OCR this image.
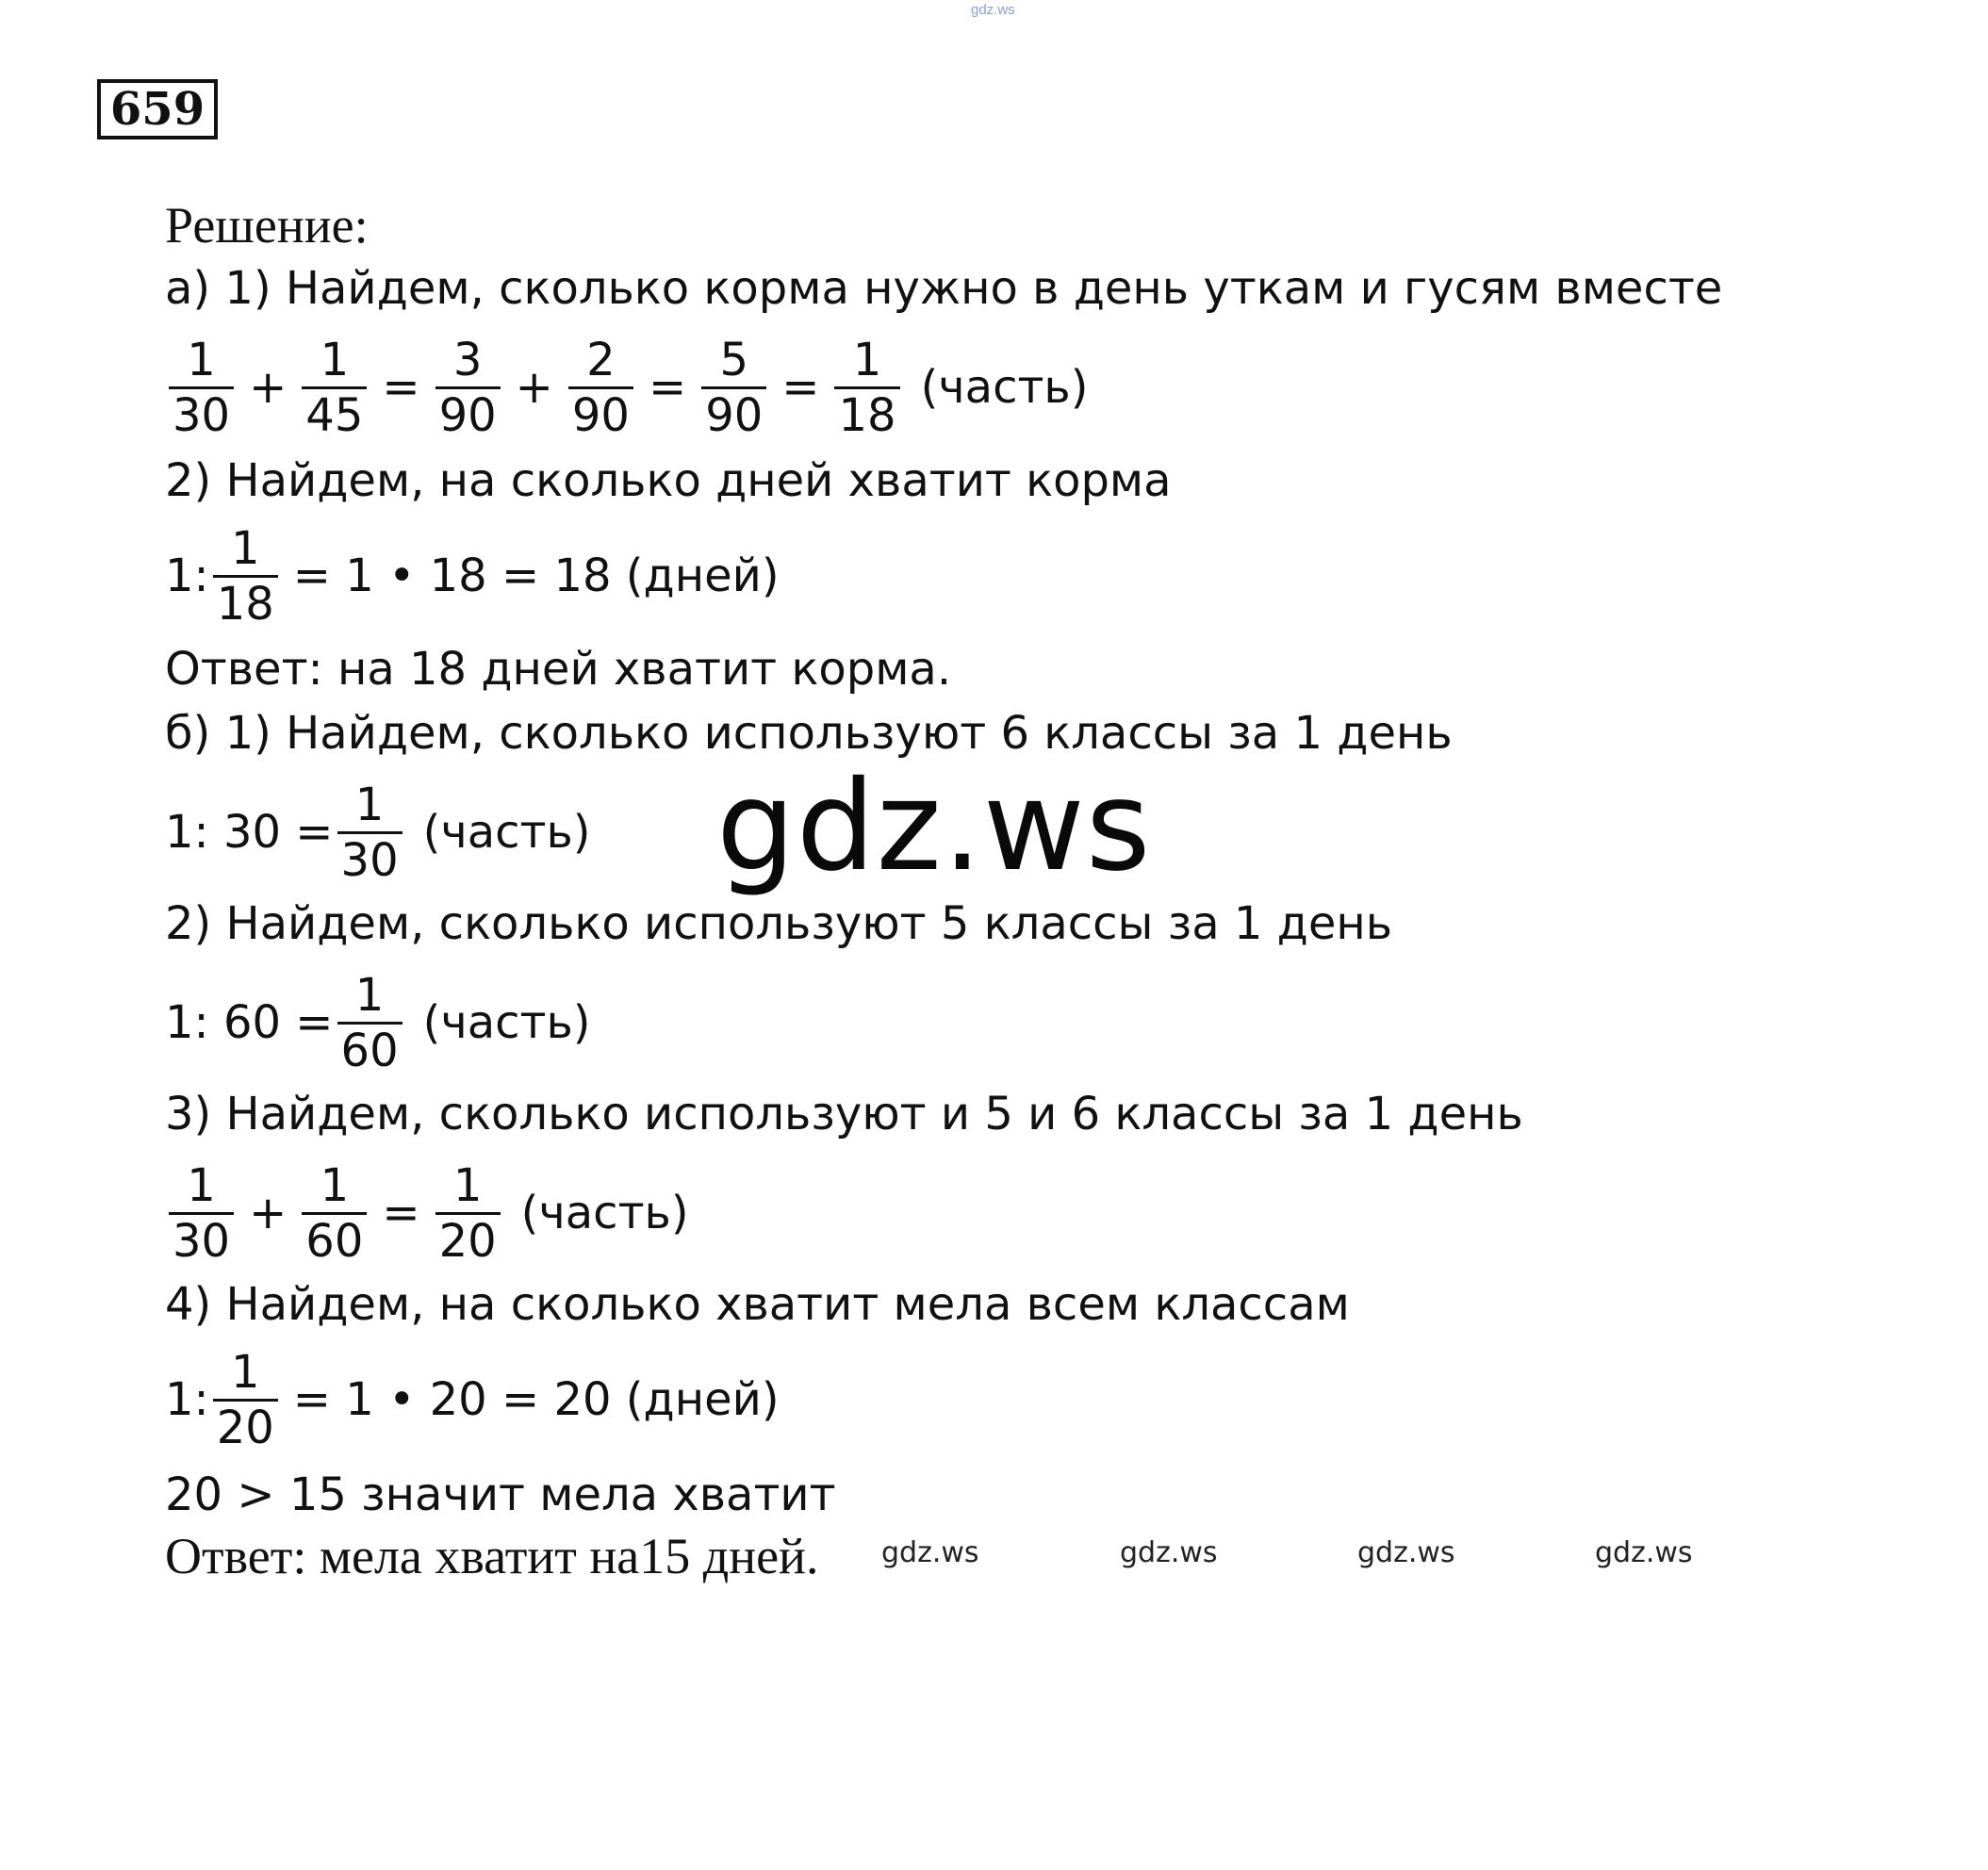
gdz.ws
659
Решение:
а) 1) Найдем, сколько корма нужно в день уткам и гусям вместе
$\frac{1}{30} + \frac{1}{45} = \frac{3}{90} + \frac{2}{90} = \frac{5}{90} = \frac{1}{18}$ (часть)
2) Найдем, на сколько дней хватит корма
1: $\frac{1}{18} = 1$ • 18 = 18 (дней)
Ответ: на 18 дней хватит корма.
б) 1) Найдем, сколько используют 6 классы за 1 день
1: $30 = \frac{1}{30}$ (часть)
2) Найдем, сколько используют 5 классы за 1 день
1: $60 = \frac{1}{60}$ (часть)
3) Найдем, сколько используют и 5 и 6 классы за 1 день
$\frac{1}{30} + \frac{1}{60} = \frac{1}{20}$ (часть)
4) Найдем, на сколько хватит мела всем классам
1: $\frac{1}{20} = 1$ • 20 = 20 (дней)
20 > 15 значит мела хватит
Ответ: мела хватит на15 дней.
gdz.ws
gdz.ws	gdz.ws	gdz.ws	gdz.ws
